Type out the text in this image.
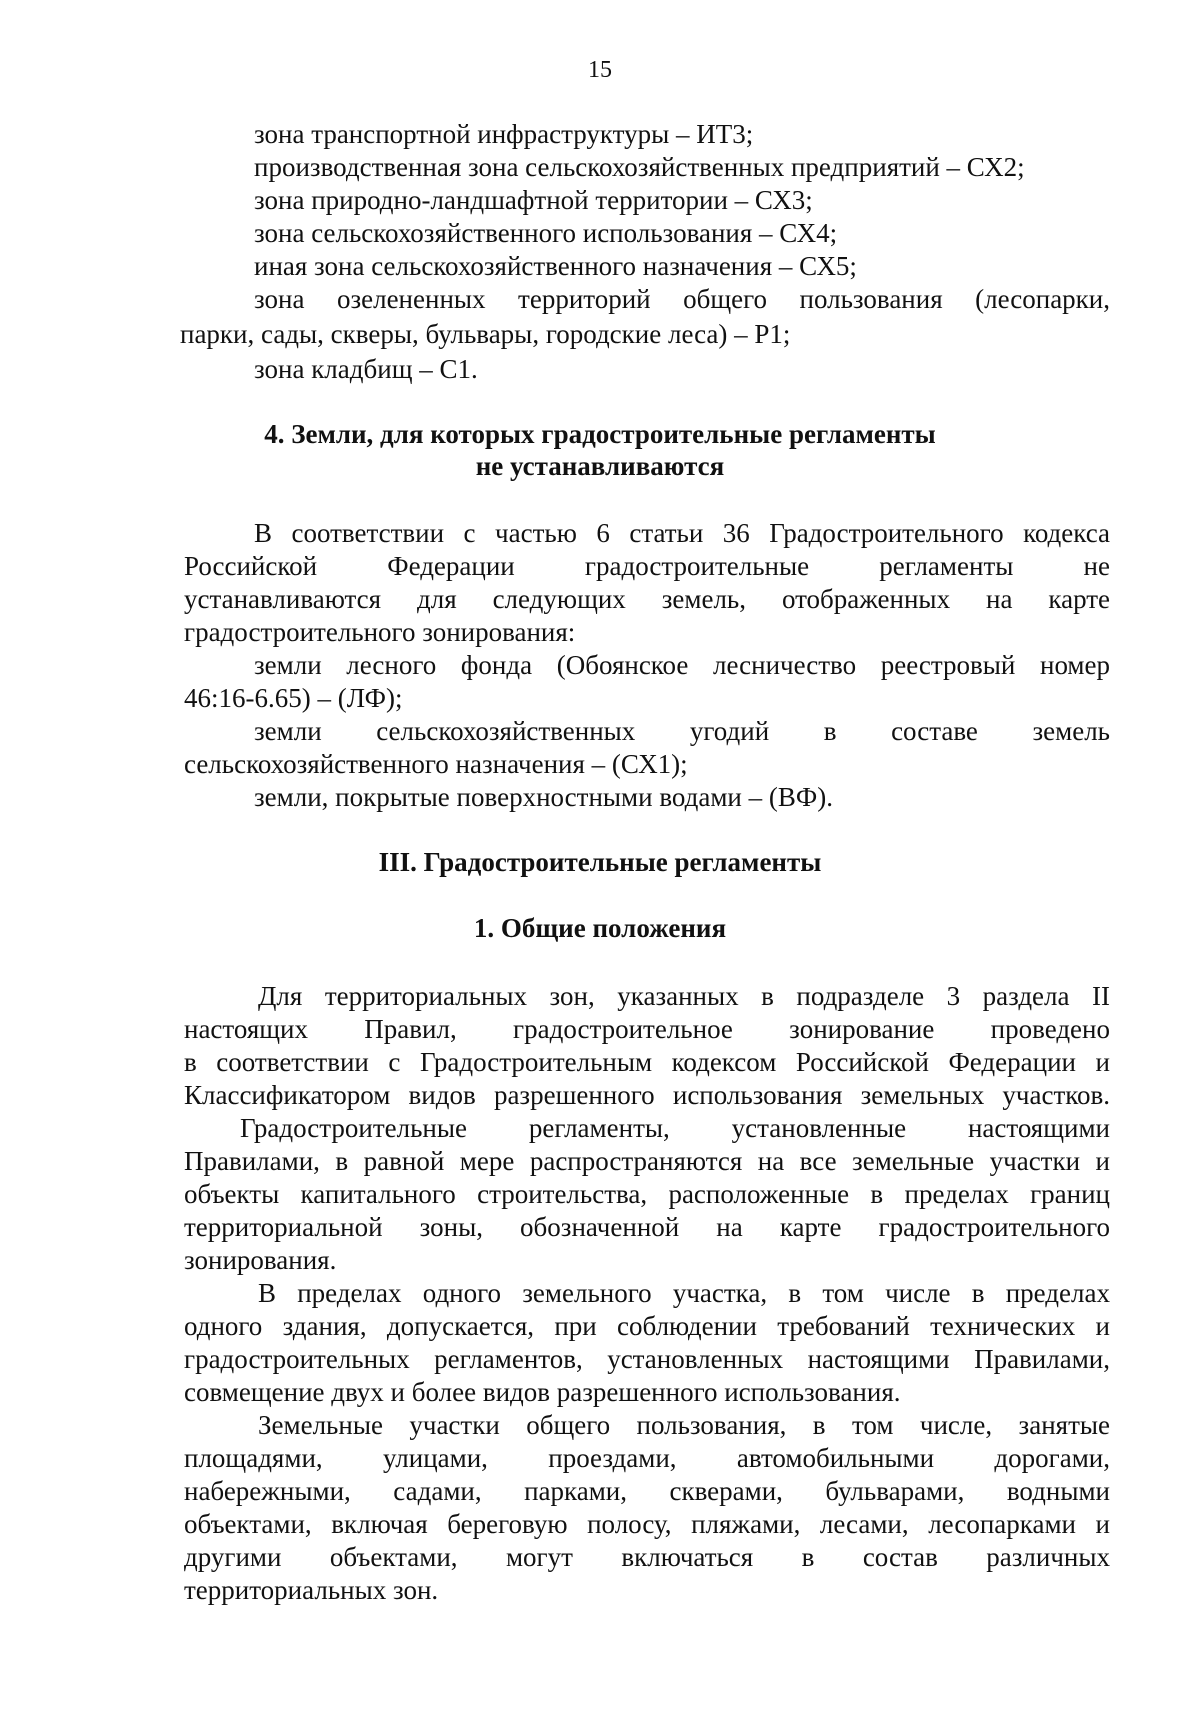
15
зона транспортной инфраструктуры – ИТ3;
производственная зона сельскохозяйственных предприятий – СХ2;
зона природно-ландшафтной территории – СХ3;
зона сельскохозяйственного использования – СХ4;
иная зона сельскохозяйственного назначения – СХ5;
зона озелененных территорий общего пользования (лесопарки,
парки, сады, скверы, бульвары, городские леса) – Р1;
зона кладбищ – С1.
4. Земли, для которых градостроительные регламенты
не устанавливаются
В соответствии с частью 6 статьи 36 Градостроительного кодекса
Российской Федерации градостроительные регламенты не
устанавливаются для следующих земель, отображенных на карте
градостроительного зонирования:
земли лесного фонда (Обоянское лесничество реестровый номер
46:16-6.65) – (ЛФ);
земли сельскохозяйственных угодий в составе земель
сельскохозяйственного назначения – (СХ1);
земли, покрытые поверхностными водами – (ВФ).
III. Градостроительные регламенты
1. Общие положения
Для территориальных зон, указанных в подразделе 3 раздела II
настоящих Правил, градостроительное зонирование проведено
в соответствии с Градостроительным кодексом Российской Федерации и
Классификатором видов разрешенного использования земельных участков.
Градостроительные регламенты, установленные настоящими
Правилами, в равной мере распространяются на все земельные участки и
объекты капитального строительства, расположенные в пределах границ
территориальной зоны, обозначенной на карте градостроительного
зонирования.
В пределах одного земельного участка, в том числе в пределах
одного здания, допускается, при соблюдении требований технических и
градостроительных регламентов, установленных настоящими Правилами,
совмещение двух и более видов разрешенного использования.
Земельные участки общего пользования, в том числе, занятые
площадями, улицами, проездами, автомобильными дорогами,
набережными, садами, парками, скверами, бульварами, водными
объектами, включая береговую полосу, пляжами, лесами, лесопарками и
другими объектами, могут включаться в состав различных
территориальных зон.
